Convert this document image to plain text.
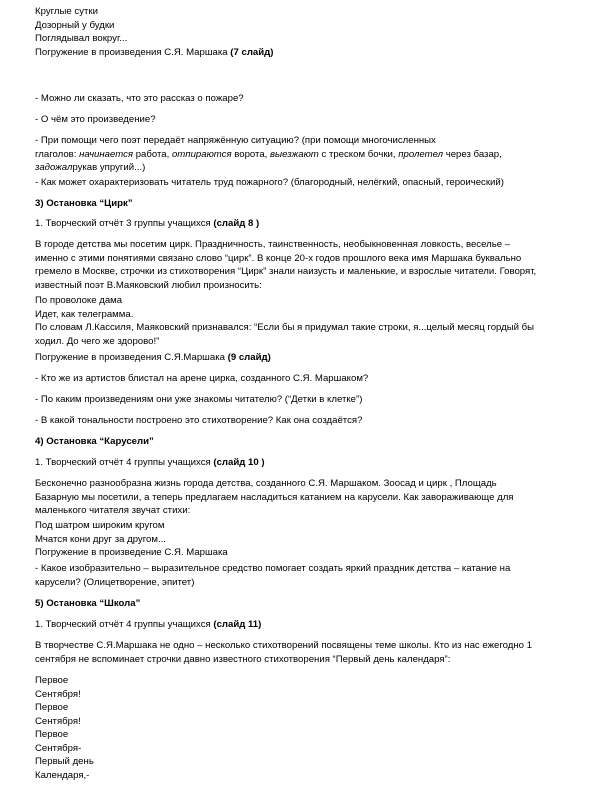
Круглые сутки
Дозорный у будки
Поглядывал вокруг...
Погружение в произведения С.Я. Маршака (7 слайд)
- Можно ли сказать, что это рассказ о пожаре?
- О чём это произведение?
- При помощи чего поэт передаёт напряжённую ситуацию? (при помощи многочисленных
глаголов: начинается работа, отпираются ворота, выезжают с треском бочки, пролетел через базар,
задожалрукав упругий...)
- Как может охарактеризовать читатель труд пожарного? (благородный, нелёгкий, опасный, героический)
3) Остановка “Цирк”
1. Творческий отчёт 3 группы учащихся (слайд 8 )
В городе детства мы посетим цирк. Праздничность, таинственность, необыкновенная ловкость, веселье –
именно с этими понятиями связано слово “цирк”. В конце 20-х годов прошлого века имя Маршака буквально
гремело в Москве, строчки из стихотворения “Цирк” знали наизусть и маленькие, и взрослые читатели. Говорят,
известный поэт В.Маяковский любил произносить:
По проволоке дама
Идет, как телеграмма.
По словам Л.Кассиля, Маяковский признавался: “Если бы я придумал такие строки, я...целый месяц гордый бы
ходил. До чего же здорово!”
Погружение в произведения С.Я.Маршака (9 слайд)
- Кто же из артистов блистал на арене цирка, созданного С.Я. Маршаком?
- По каким произведениям они уже знакомы читателю? (“Детки в клетке”)
- В какой тональности построено это стихотворение? Как она создаётся?
4) Остановка “Карусели”
1. Творческий отчёт 4 группы учащихся (слайд 10 )
Бесконечно разнообразна жизнь города детства, созданного С.Я. Маршаком. Зоосад и цирк , Площадь
Базарную мы посетили, а теперь предлагаем насладиться катанием на карусели. Как завораживающе для
маленького читателя звучат стихи:
Под шатром широким кругом
Мчатся кони друг за другом...
Погружение в произведение С.Я. Маршака
- Какое изобразительно – выразительное средство помогает создать яркий праздник детства – катание на
карусели? (Олицетворение, эпитет)
5) Остановка “Школа”
1. Творческий отчёт 4 группы учащихся (слайд 11)
В творчестве С.Я.Маршака не одно – несколько стихотворений посвящены теме школы. Кто из нас ежегодно 1
сентября не вспоминает строчки давно известного стихотворения “Первый день календаря”:
Первое
Сентября!
Первое
Сентября!
Первое
Сентября-
Первый день
Календаря,-
